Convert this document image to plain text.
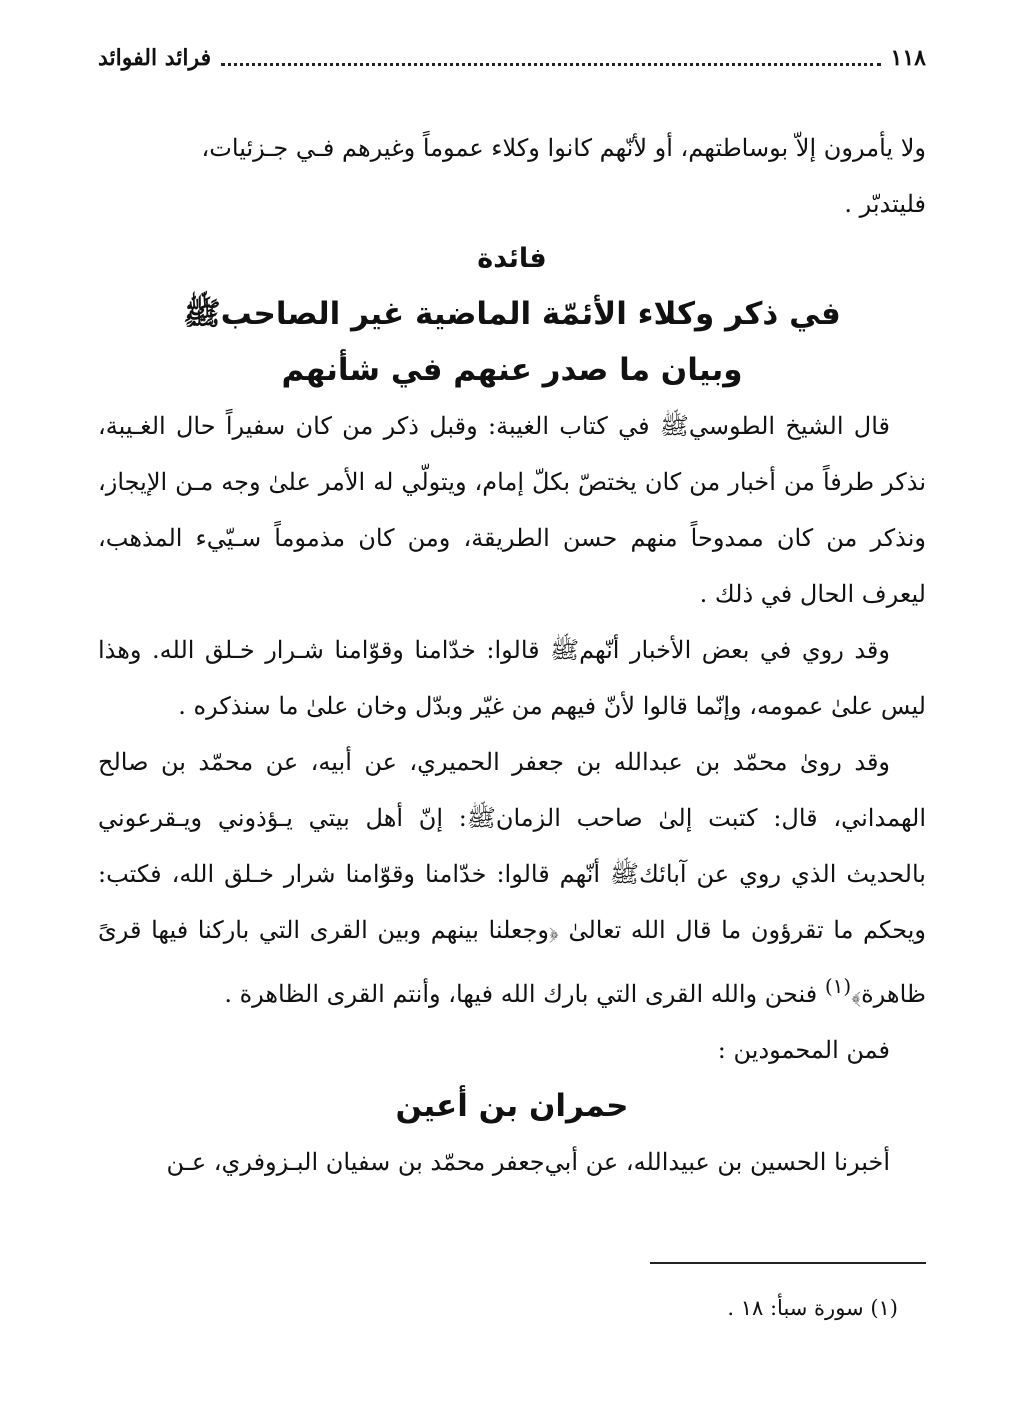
١١٨
فرائد الفوائد

ولا يأمرون إلاّ بوساطتهم، أو لأنّهم كانوا وكلاء عموماً وغيرهم فـي جـزئيات،

فليتدبّر .

فائدة

في ذكر وكلاء الأئمّة الماضية غير الصاحب‌ﷺ

وبيان ما صدر عنهم في شأنهم

قال الشيخ الطوسي‌ﷺ في كتاب الغيبة: وقبل ذكر من كان سفيراً حال الغـيبة، نذكر طرفاً من أخبار من كان يختصّ بكلّ إمام، ويتولّي له الأمر علىٰ وجه مـن الإيجاز، ونذكر من كان ممدوحاً منهم حسن الطريقة، ومن كان مذموماً سـيّيء المذهب، ليعرف الحال في ذلك .

وقد روي في بعض الأخبار أنّهم‌ﷺ قالوا: خدّامنا وقوّامنا شـرار خـلق الله. وهذا ليس علىٰ عمومه، وإنّما قالوا لأنّ فيهم من غيّر وبدّل وخان علىٰ ما سنذكره .

وقد روىٰ محمّد بن عبدالله بن جعفر الحميري، عن أبيه، عن محمّد بن صالح الهمداني، قال: كتبت إلىٰ صاحب الزمان‌ﷺ: إنّ أهل بيتي يـؤذوني ويـقرعوني بالحديث الذي روي عن آبائك‌ﷺ أنّهم قالوا: خدّامنا وقوّامنا شرار خـلق الله، فكتب: ويحكم ما تقرؤون ما قال الله تعالىٰ ﴿وجعلنا بينهم وبين القرى التي باركنا فيها قرىً ظاهرة﴾$^{(١)}$ فنحن والله القرى التي بارك الله فيها، وأنتم القرى الظاهرة .

فمن المحمودين :

حمران بن أعين

أخبرنا الحسين بن عبيدالله، عن أبي‌جعفر محمّد بن سفيان البـزوفري، عـن

(١) سورة سبأ: ١٨ .
